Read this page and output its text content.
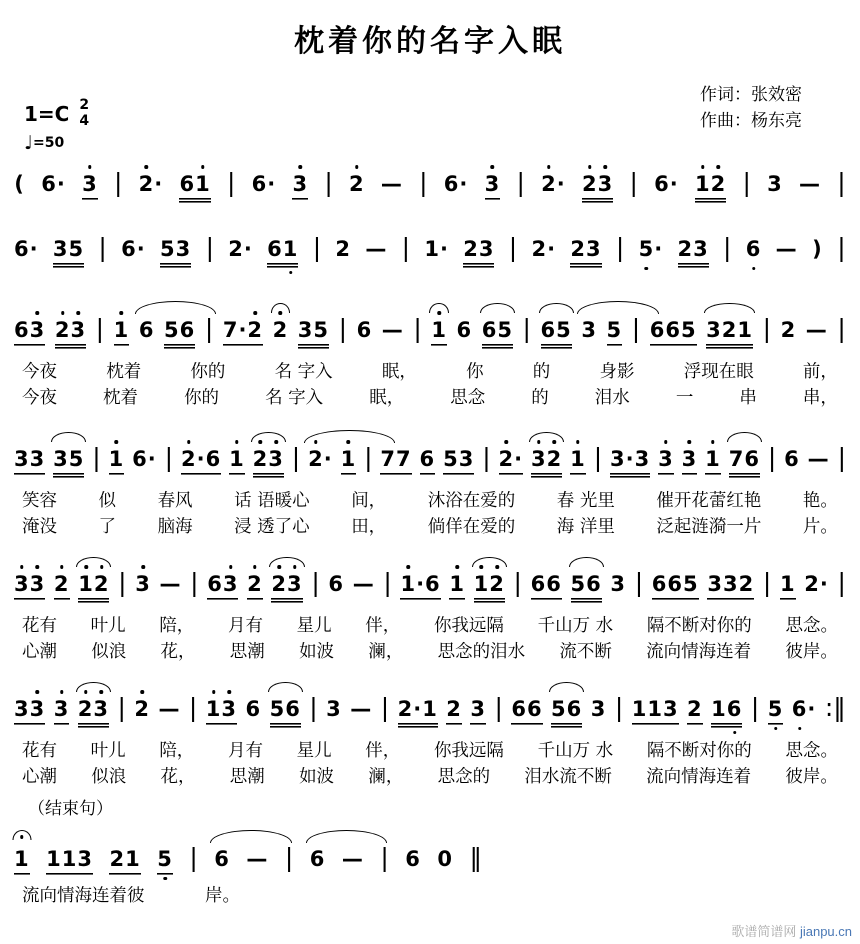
枕着你的名字入眠
作词：张效密
作曲：杨东亮
1=C 2
4
♩=50
( 6· 3 | 2· 61 | 6· 3 | 2 — | 6· 3 | 2· 23 | 6· 12 | 3 — |
6· 35 | 6· 53 | 2· 61 | 2 — | 1· 23 | 2· 23 | 5· 23 | 6 — ) |
63 23 | 1 6 56 | 7·2 2 35 | 6 — | 1 6 65 | 65 3 5 | 665 321 | 2 — |
今夜	枕着	你的	名 字入	眠，	你	的	身影	浮现在眼	前，
今夜	枕着	你的	名 字入	眠，	思念	的	泪水	一	串	串，
33 35 | 1 6· | 2·6 1 23 | 2· 1 | 77 6 53 | 2· 32 1 | 3·3 3 3 1 76 | 6 — |
笑容 似 春风 话 语暖心 间， 沐浴在爱的 春 光里 催开花蕾红艳 艳。
淹没 了 脑海 浸 透了心 田， 倘佯在爱的 海 洋里 泛起涟漪一片 片。
33 2 12 | 3 — | 63 2 23 | 6 — | 1·6 1 12 | 66 56 3 | 665 332 | 1 2· |
花有 叶儿 陪， 月有 星儿 伴， 你我远隔 千山万 水 隔不断对你的 思念。
心潮 似浪 花， 思潮 如波 澜， 思念的泪水 流不断 流向情海连着 彼岸。
33 3 23 | 2 — | 13 6 56 | 3 — | 2·1 2 3 | 66 56 3 | 113 2 16 | 5 6· :‖
花有 叶儿 陪， 月有 星儿 伴， 你我远隔 千山万 水 隔不断对你的 思念。
心潮 似浪 花， 思潮 如波 澜， 思念的 泪水流不断 流向情海连着 彼岸。
（结束句）
1 113 21 5 | 6 — | 6 — | 6 0 ‖
流向情海连着彼	岸。
歌谱简谱网 jianpu.cn
